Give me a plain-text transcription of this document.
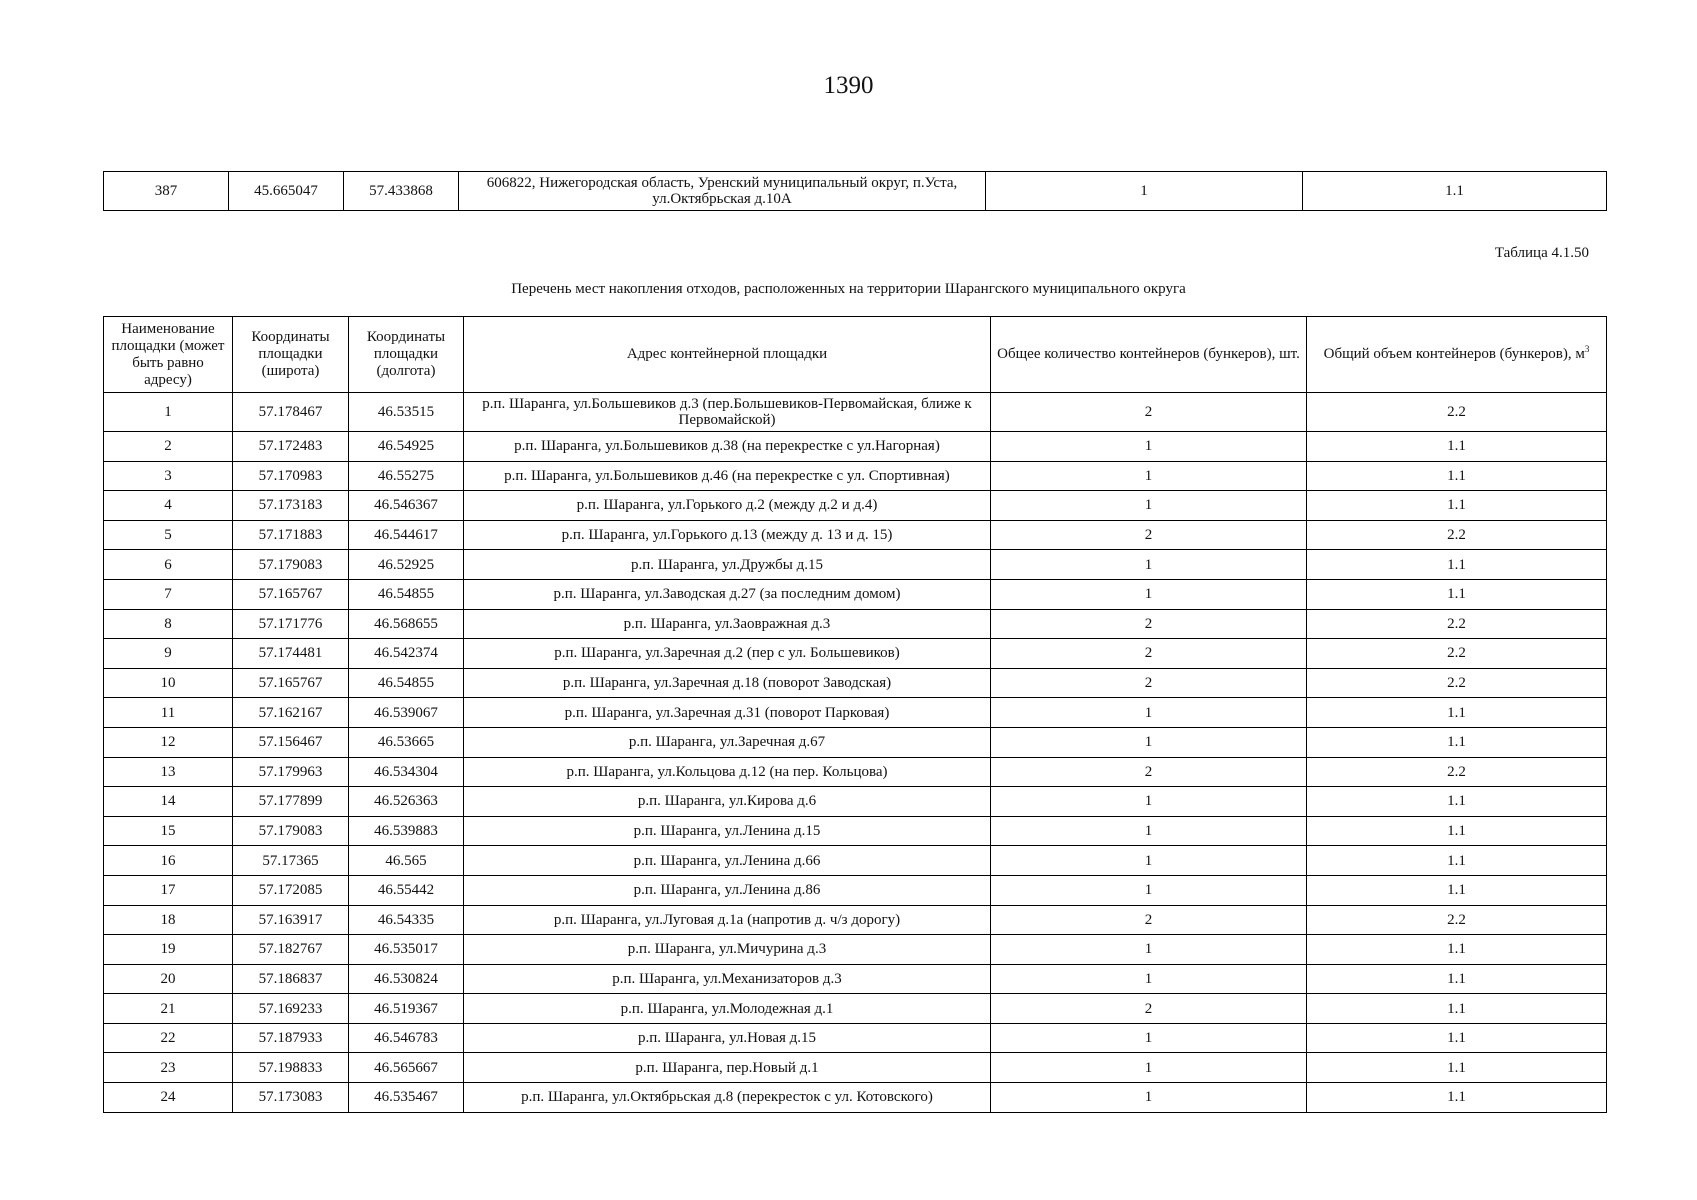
1390
387	45.665047	57.433868	606822, Нижегородская область, Уренский муниципальный округ, п.Уста, ул.Октябрьская д.10А	1	1.1
Таблица 4.1.50
Перечень мест накопления отходов, расположенных на территории Шарангского муниципального округа
Наименование площадки (может быть равно адресу)	Координаты площадки (широта)	Координаты площадки (долгота)	Адрес контейнерной площадки	Общее количество контейнеров (бункеров), шт.	Общий объем контейнеров (бункеров), $м^3$
1	57.178467	46.53515	р.п. Шаранга, ул.Большевиков д.3 (пер.Большевиков-Первомайская, ближе к Первомайской)	2	2.2
2	57.172483	46.54925	р.п. Шаранга, ул.Большевиков д.38 (на перекрестке с ул.Нагорная)	1	1.1
3	57.170983	46.55275	р.п. Шаранга, ул.Большевиков д.46 (на перекрестке с ул. Спортивная)	1	1.1
4	57.173183	46.546367	р.п. Шаранга, ул.Горького д.2 (между д.2 и д.4)	1	1.1
5	57.171883	46.544617	р.п. Шаранга, ул.Горького д.13 (между д. 13 и д. 15)	2	2.2
6	57.179083	46.52925	р.п. Шаранга, ул.Дружбы д.15	1	1.1
7	57.165767	46.54855	р.п. Шаранга, ул.Заводская д.27 (за последним домом)	1	1.1
8	57.171776	46.568655	р.п. Шаранга, ул.Заовражная д.3	2	2.2
9	57.174481	46.542374	р.п. Шаранга, ул.Заречная д.2 (пер с ул. Большевиков)	2	2.2
10	57.165767	46.54855	р.п. Шаранга, ул.Заречная д.18 (поворот Заводская)	2	2.2
11	57.162167	46.539067	р.п. Шаранга, ул.Заречная д.31 (поворот Парковая)	1	1.1
12	57.156467	46.53665	р.п. Шаранга, ул.Заречная д.67	1	1.1
13	57.179963	46.534304	р.п. Шаранга, ул.Кольцова д.12 (на пер. Кольцова)	2	2.2
14	57.177899	46.526363	р.п. Шаранга, ул.Кирова д.6	1	1.1
15	57.179083	46.539883	р.п. Шаранга, ул.Ленина д.15	1	1.1
16	57.17365	46.565	р.п. Шаранга, ул.Ленина д.66	1	1.1
17	57.172085	46.55442	р.п. Шаранга, ул.Ленина д.86	1	1.1
18	57.163917	46.54335	р.п. Шаранга, ул.Луговая д.1а (напротив д. ч/з дорогу)	2	2.2
19	57.182767	46.535017	р.п. Шаранга, ул.Мичурина д.3	1	1.1
20	57.186837	46.530824	р.п. Шаранга, ул.Механизаторов д.3	1	1.1
21	57.169233	46.519367	р.п. Шаранга, ул.Молодежная д.1	2	1.1
22	57.187933	46.546783	р.п. Шаранга, ул.Новая д.15	1	1.1
23	57.198833	46.565667	р.п. Шаранга, пер.Новый д.1	1	1.1
24	57.173083	46.535467	р.п. Шаранга, ул.Октябрьская д.8 (перекресток с ул. Котовского)	1	1.1
